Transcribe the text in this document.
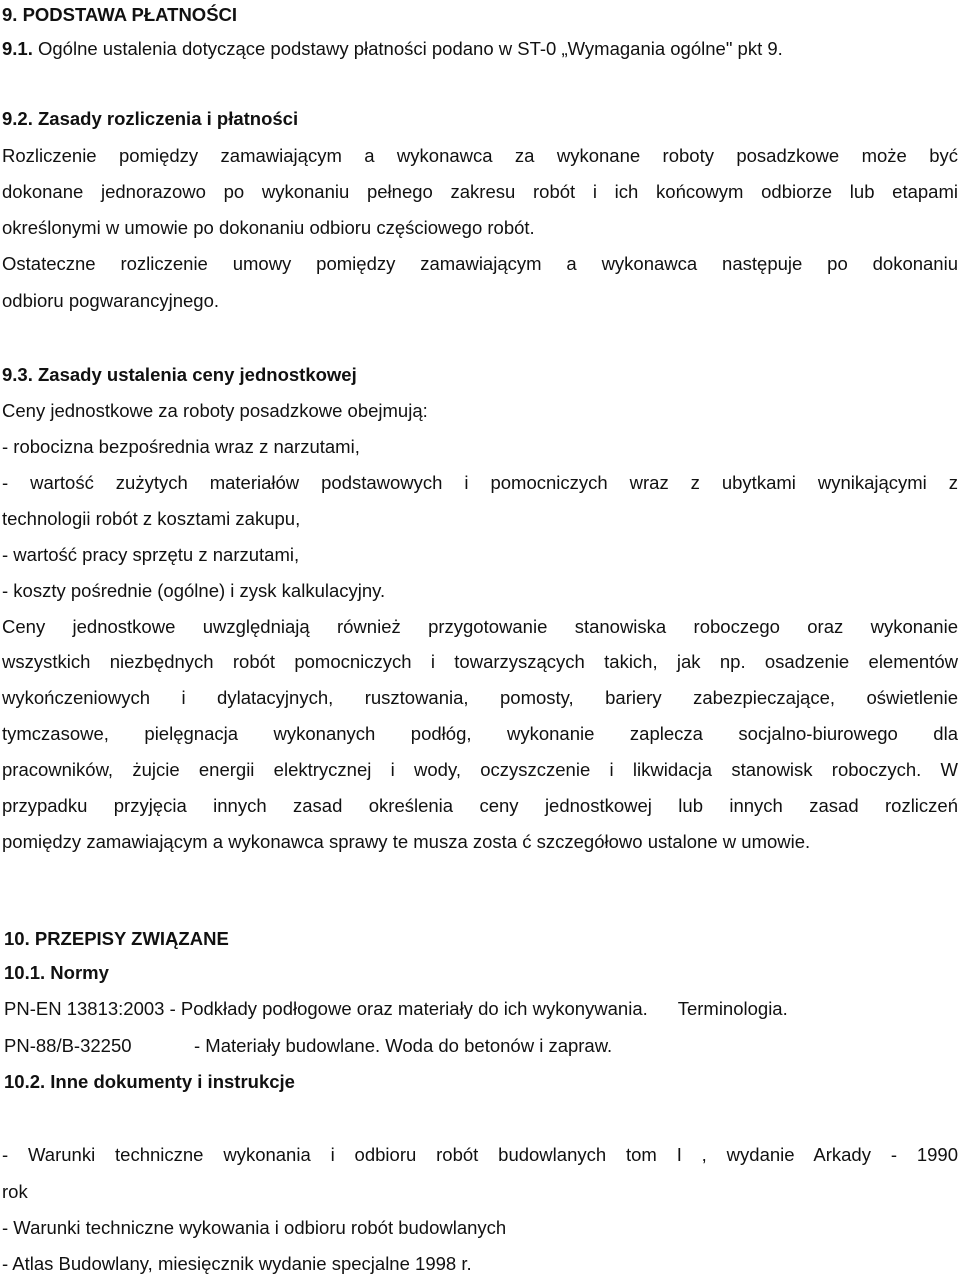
9. PODSTAWA PŁATNOŚCI
9.1. Ogólne ustalenia dotyczące podstawy płatności podano w ST-0 „Wymagania ogólne" pkt 9.
9.2. Zasady rozliczenia i płatności
Rozliczenie pomiędzy zamawiającym a wykonawca za wykonane roboty posadzkowe może być
dokonane jednorazowo po wykonaniu pełnego zakresu robót i ich końcowym odbiorze lub etapami
określonymi w umowie po dokonaniu odbioru częściowego robót.
Ostateczne rozliczenie umowy pomiędzy zamawiającym a wykonawca następuje po dokonaniu
odbioru pogwarancyjnego.
9.3. Zasady ustalenia ceny jednostkowej
Ceny jednostkowe za roboty posadzkowe obejmują:
- robocizna bezpośrednia wraz z narzutami,
- wartość zużytych materiałów podstawowych i pomocniczych wraz z ubytkami wynikającymi z
technologii robót z kosztami zakupu,
- wartość pracy sprzętu z narzutami,
- koszty pośrednie (ogólne) i zysk kalkulacyjny.
Ceny jednostkowe uwzględniają również przygotowanie stanowiska roboczego oraz wykonanie
wszystkich niezbędnych robót pomocniczych i towarzyszących takich, jak np. osadzenie elementów
wykończeniowych i dylatacyjnych, rusztowania, pomosty, bariery zabezpieczające, oświetlenie
tymczasowe, pielęgnacja wykonanych podłóg, wykonanie zaplecza socjalno-biurowego dla
pracowników, żujcie energii elektrycznej i wody, oczyszczenie i likwidacja stanowisk roboczych. W
przypadku przyjęcia innych zasad określenia ceny jednostkowej lub innych zasad rozliczeń
pomiędzy zamawiającym a wykonawca sprawy te musza zosta ć szczegółowo ustalone w umowie.
10. PRZEPISY ZWIĄZANE
10.1. Normy
PN-EN 13813:2003 - Podkłady podłogowe oraz materiały do ich wykonywania. Terminologia.
PN-88/B-32250	- Materiały budowlane. Woda do betonów i zapraw.
10.2. Inne dokumenty i instrukcje
- Warunki techniczne wykonania i odbioru robót budowlanych tom I , wydanie Arkady - 1990
rok
- Warunki techniczne wykowania i odbioru robót budowlanych
- Atlas Budowlany, miesięcznik wydanie specjalne 1998 r.
